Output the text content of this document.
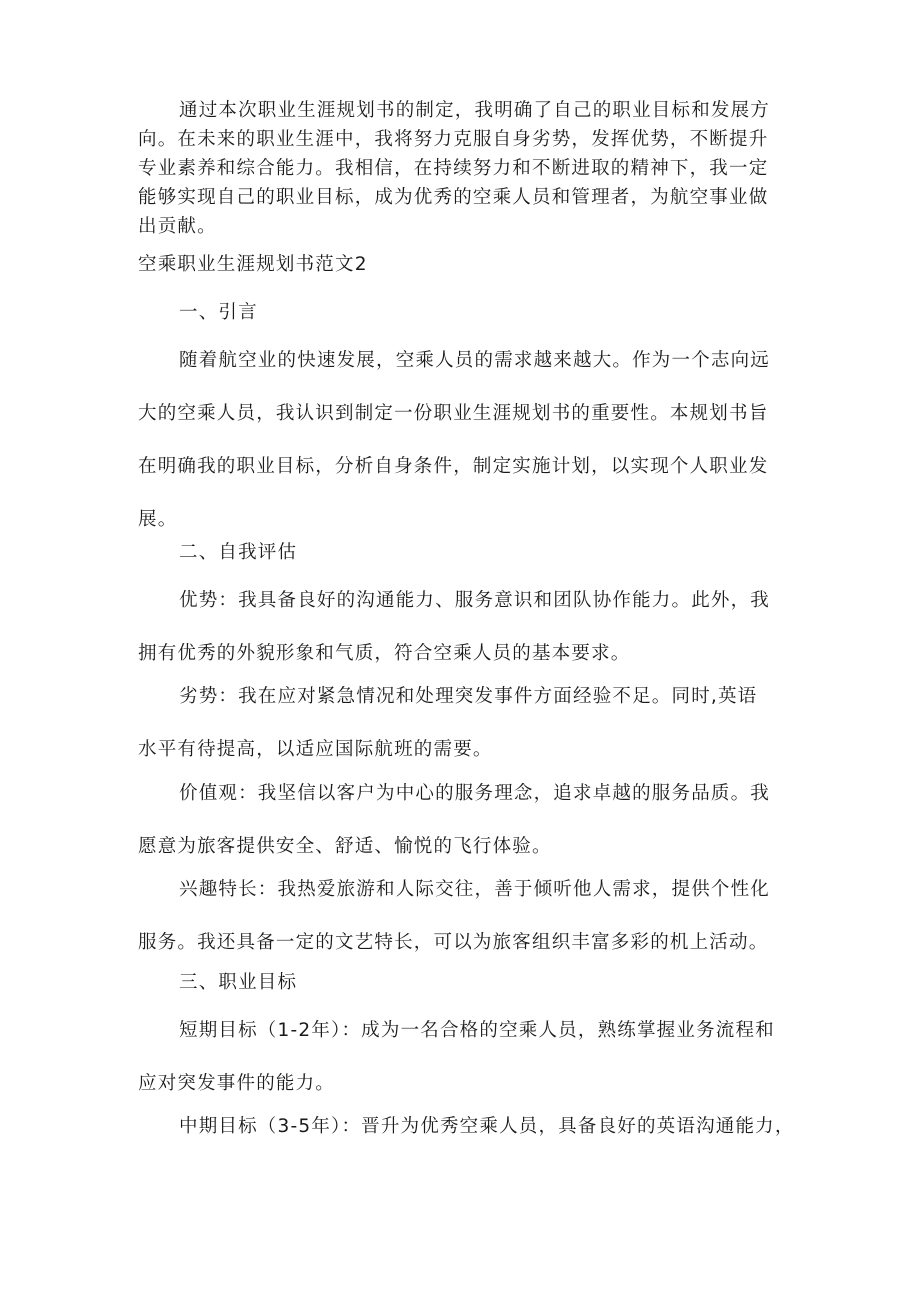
通过本次职业生涯规划书的制定，我明确了自己的职业目标和发展方
向。在未来的职业生涯中，我将努力克服自身劣势，发挥优势，不断提升
专业素养和综合能力。我相信，在持续努力和不断进取的精神下，我一定
能够实现自己的职业目标，成为优秀的空乘人员和管理者，为航空事业做
出贡献。
空乘职业生涯规划书范文2
一、引言
随着航空业的快速发展，空乘人员的需求越来越大。作为一个志向远
大的空乘人员，我认识到制定一份职业生涯规划书的重要性。本规划书旨
在明确我的职业目标，分析自身条件，制定实施计划，以实现个人职业发
展。
二、自我评估
优势：我具备良好的沟通能力、服务意识和团队协作能力。此外，我
拥有优秀的外貌形象和气质，符合空乘人员的基本要求。
劣势：我在应对紧急情况和处理突发事件方面经验不足。同时,英语
水平有待提高，以适应国际航班的需要。
价值观：我坚信以客户为中心的服务理念，追求卓越的服务品质。我
愿意为旅客提供安全、舒适、愉悦的飞行体验。
兴趣特长：我热爱旅游和人际交往，善于倾听他人需求，提供个性化
服务。我还具备一定的文艺特长，可以为旅客组织丰富多彩的机上活动。
三、职业目标
短期目标（1-2年）：成为一名合格的空乘人员，熟练掌握业务流程和
应对突发事件的能力。
中期目标（3-5年）：晋升为优秀空乘人员，具备良好的英语沟通能力，
